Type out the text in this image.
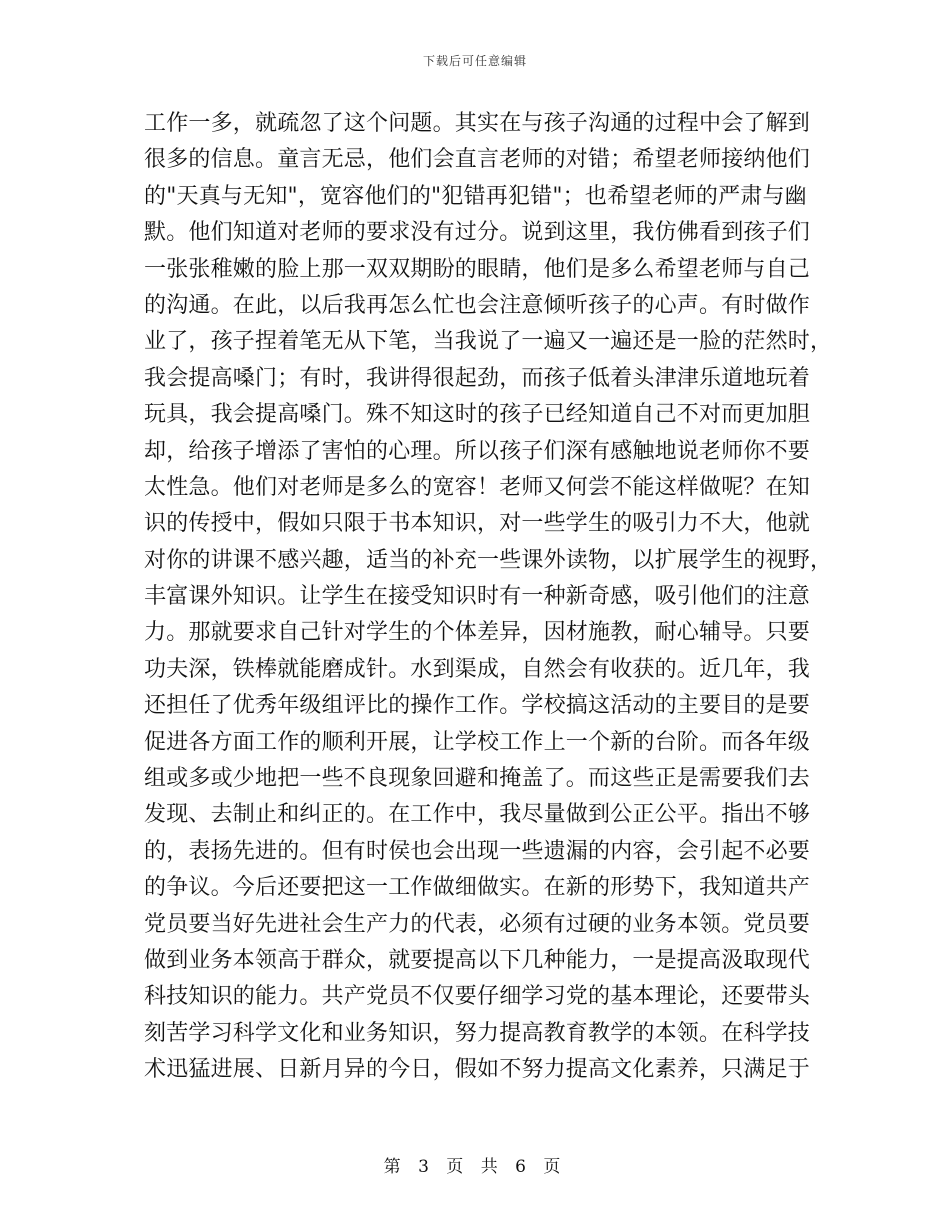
下载后可任意编辑
工作一多，就疏忽了这个问题。其实在与孩子沟通的过程中会了解到
很多的信息。童言无忌，他们会直言老师的对错；希望老师接纳他们
的"天真与无知"，宽容他们的"犯错再犯错"；也希望老师的严肃与幽
默。他们知道对老师的要求没有过分。说到这里，我仿佛看到孩子们
一张张稚嫩的脸上那一双双期盼的眼睛，他们是多么希望老师与自己
的沟通。在此，以后我再怎么忙也会注意倾听孩子的心声。有时做作
业了，孩子捏着笔无从下笔，当我说了一遍又一遍还是一脸的茫然时，
我会提高嗓门；有时，我讲得很起劲，而孩子低着头津津乐道地玩着
玩具，我会提高嗓门。殊不知这时的孩子已经知道自己不对而更加胆
却，给孩子增添了害怕的心理。所以孩子们深有感触地说老师你不要
太性急。他们对老师是多么的宽容！老师又何尝不能这样做呢？在知
识的传授中，假如只限于书本知识，对一些学生的吸引力不大，他就
对你的讲课不感兴趣，适当的补充一些课外读物，以扩展学生的视野，
丰富课外知识。让学生在接受知识时有一种新奇感，吸引他们的注意
力。那就要求自己针对学生的个体差异，因材施教，耐心辅导。只要
功夫深，铁棒就能磨成针。水到渠成，自然会有收获的。近几年，我
还担任了优秀年级组评比的操作工作。学校搞这活动的主要目的是要
促进各方面工作的顺利开展，让学校工作上一个新的台阶。而各年级
组或多或少地把一些不良现象回避和掩盖了。而这些正是需要我们去
发现、去制止和纠正的。在工作中，我尽量做到公正公平。指出不够
的，表扬先进的。但有时侯也会出现一些遗漏的内容，会引起不必要
的争议。今后还要把这一工作做细做实。在新的形势下，我知道共产
党员要当好先进社会生产力的代表，必须有过硬的业务本领。党员要
做到业务本领高于群众，就要提高以下几种能力，一是提高汲取现代
科技知识的能力。共产党员不仅要仔细学习党的基本理论，还要带头
刻苦学习科学文化和业务知识，努力提高教育教学的本领。在科学技
术迅猛进展、日新月异的今日，假如不努力提高文化素养，只满足于
第 3 页 共 6 页
